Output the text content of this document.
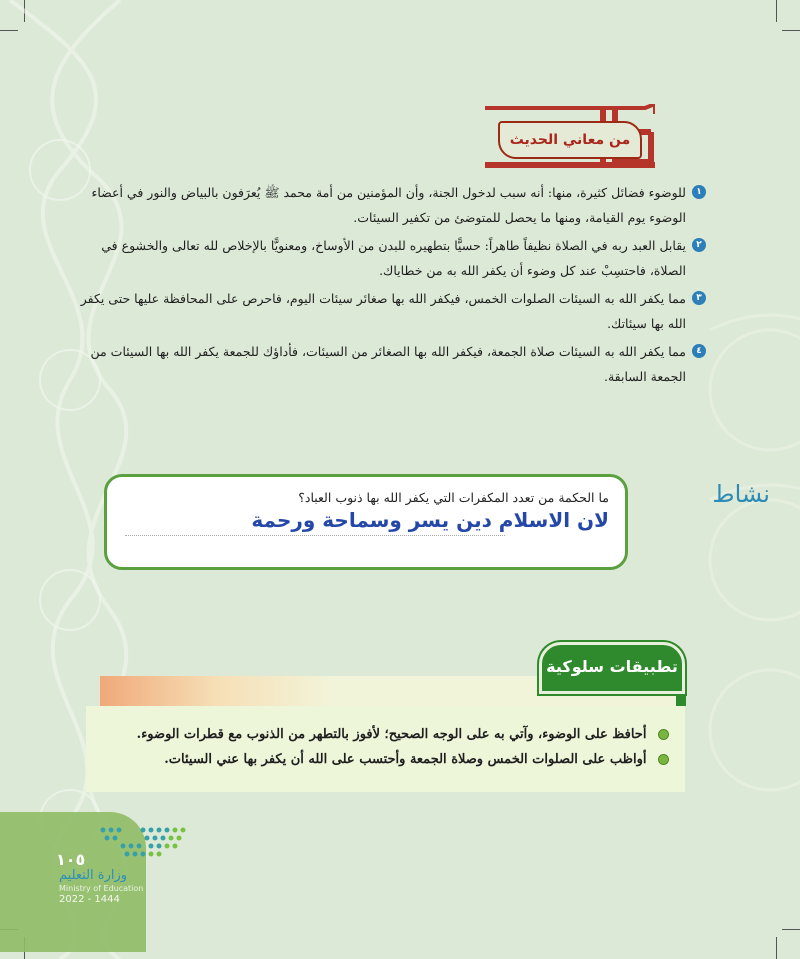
من معاني الحديث
١
للوضوء فضائل كثيرة، منها: أنه سبب لدخول الجنة، وأن المؤمنين من أمة محمد ﷺ يُعرَفون بالبياض والنور في أعضاء الوضوء يوم القيامة، ومنها ما يحصل للمتوضئ من تكفير السيئات.
٢
يقابل العبد ربه في الصلاة نظيفاً طاهراً: حسيًّا بتطهيره للبدن من الأوساخ، ومعنويًّا بالإخلاص لله تعالى والخشوع في الصلاة، فاحتسِبْ عند كل وضوء أن يكفر الله به من خطاياك.
٣
مما يكفر الله به السيئات الصلوات الخمس، فيكفر الله بها صغائر سيئات اليوم، فاحرص على المحافظة عليها حتى يكفر الله بها سيئاتك.
٤
مما يكفر الله به السيئات صلاة الجمعة، فيكفر الله بها الصغائر من السيئات، فأداؤك للجمعة يكفر الله بها السيئات من الجمعة السابقة.
نشاط
ما الحكمة من تعدد المكفرات التي يكفر الله بها ذنوب العباد؟
لان الاسلام دين يسر وسماحة ورحمة
تطبيقات سلوكية
أحافظ على الوضوء، وآتي به على الوجه الصحيح؛ لأفوز بالتطهر من الذنوب مع قطرات الوضوء.
أواظب على الصلوات الخمس وصلاة الجمعة وأحتسب على الله أن يكفر بها عني السيئات.
١٠٥
وزارة التعليم
Ministry of Education
2022 - 1444
